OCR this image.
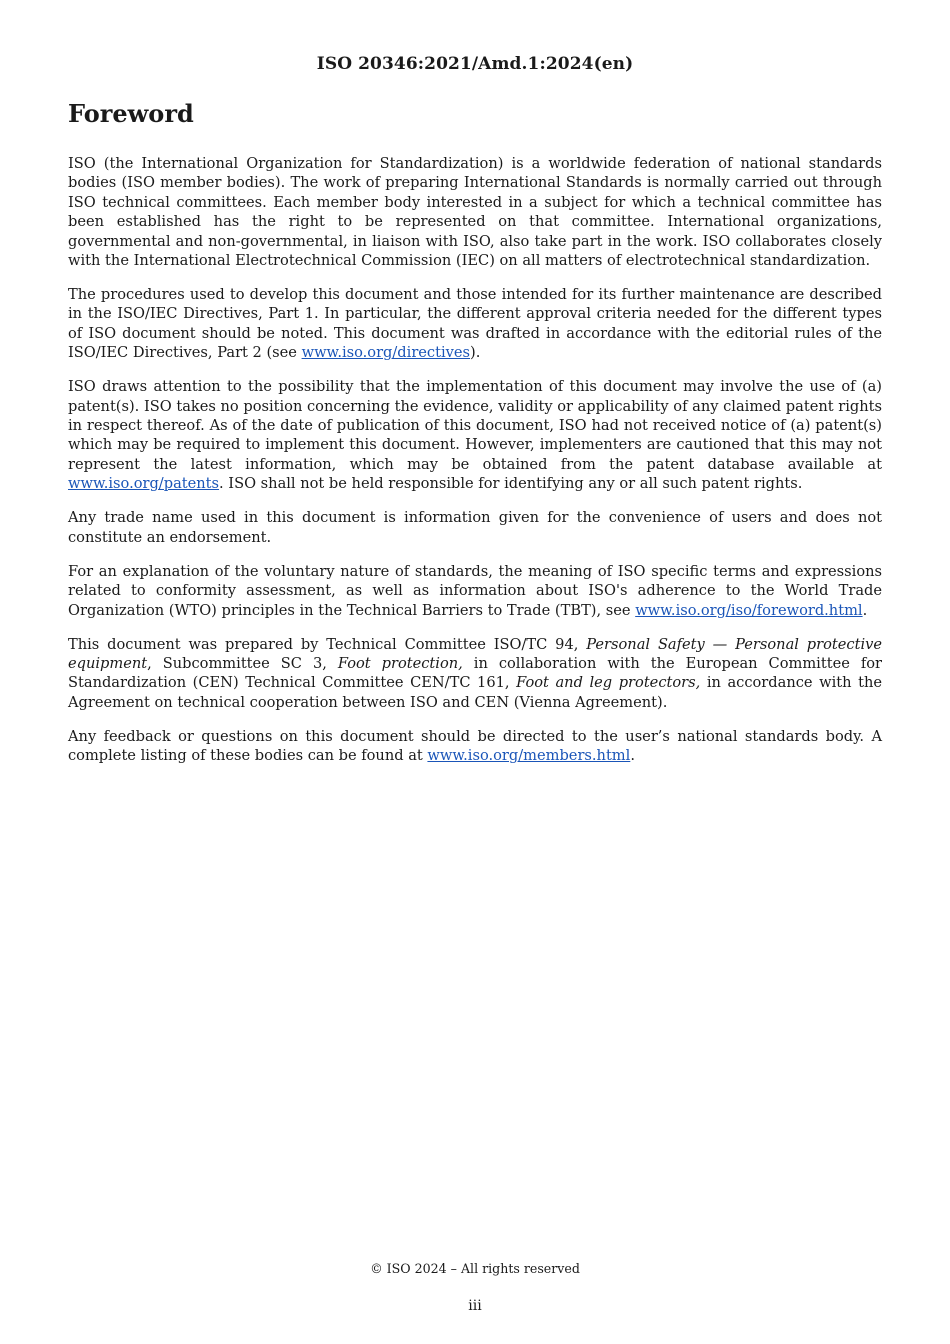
ISO 20346:2021/Amd.1:2024(en)
Foreword

ISO (the International Organization for Standardization) is a worldwide federation of national standards bodies (ISO member bodies). The work of preparing International Standards is normally carried out through ISO technical committees. Each member body interested in a subject for which a technical committee has been established has the right to be represented on that committee. International organizations, governmental and non-governmental, in liaison with ISO, also take part in the work. ISO collaborates closely with the International Electrotechnical Commission (IEC) on all matters of electrotechnical standardization.

The procedures used to develop this document and those intended for its further maintenance are described in the ISO/IEC Directives, Part 1. In particular, the different approval criteria needed for the different types of ISO document should be noted. This document was drafted in accordance with the editorial rules of the ISO/IEC Directives, Part 2 (see www.iso.org/directives).

ISO draws attention to the possibility that the implementation of this document may involve the use of (a) patent(s). ISO takes no position concerning the evidence, validity or applicability of any claimed patent rights in respect thereof. As of the date of publication of this document, ISO had not received notice of (a) patent(s) which may be required to implement this document. However, implementers are cautioned that this may not represent the latest information, which may be obtained from the patent database available at www.iso.org/patents. ISO shall not be held responsible for identifying any or all such patent rights.

Any trade name used in this document is information given for the convenience of users and does not constitute an endorsement.

For an explanation of the voluntary nature of standards, the meaning of ISO specific terms and expressions related to conformity assessment, as well as information about ISO's adherence to the World Trade Organization (WTO) principles in the Technical Barriers to Trade (TBT), see www.iso.org/iso/foreword.html.

This document was prepared by Technical Committee ISO/TC 94, Personal Safety — Personal protective equipment, Subcommittee SC 3, Foot protection, in collaboration with the European Committee for Standardization (CEN) Technical Committee CEN/TC 161, Foot and leg protectors, in accordance with the Agreement on technical cooperation between ISO and CEN (Vienna Agreement).

Any feedback or questions on this document should be directed to the user’s national standards body. A complete listing of these bodies can be found at www.iso.org/members.html.

© ISO 2024 – All rights reserved
iii
